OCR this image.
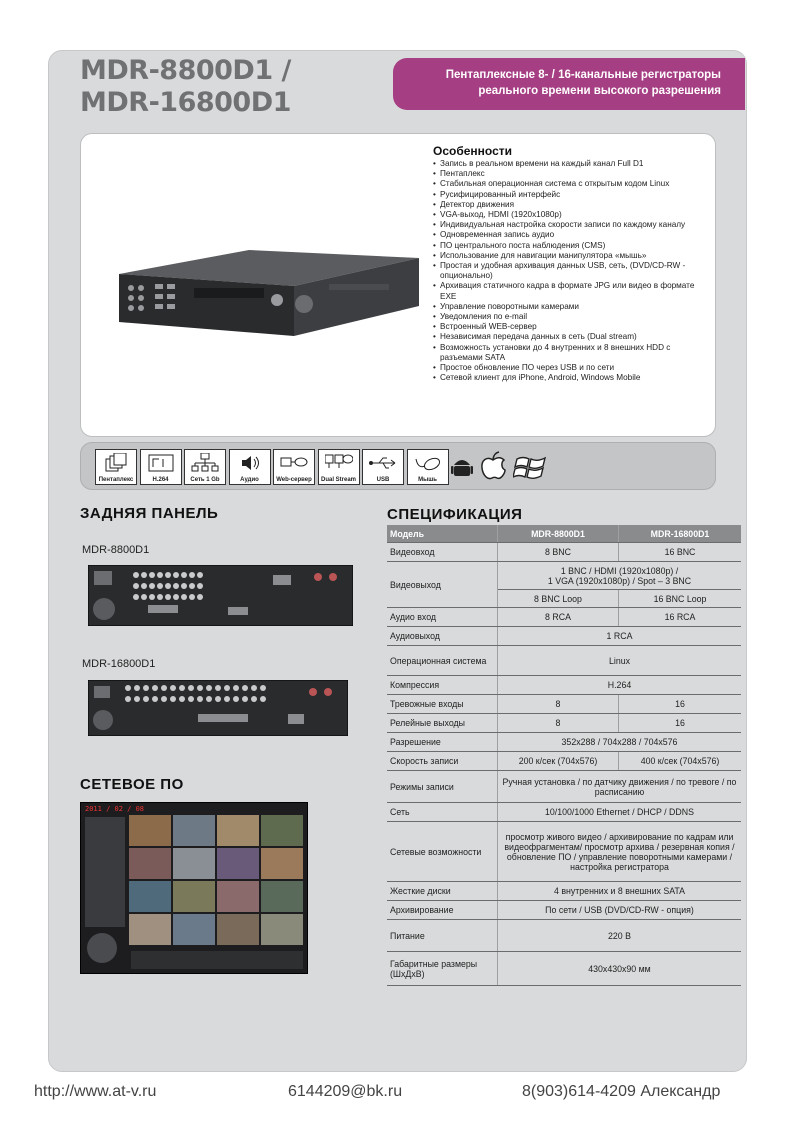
MDR-8800D1 /
MDR-16800D1
Пентаплексные 8- / 16-канальные регистраторы
реального времени высокого разрешения
Особенности
• Запись в реальном времени на каждый канал Full D1
• Пентаплекс
• Стабильная операционная система с открытым кодом Linux
• Русифицированный интерфейс
• Детектор движения
• VGA-выход, HDMI (1920x1080p)
• Индивидуальная настройка скорости записи по каждому каналу
• Одновременная запись аудио
• ПО центрального поста наблюдения (CMS)
• Использование для навигации манипулятора «мышь»
• Простая и удобная архивация данных USB, сеть, (DVD/CD-RW - опционально)
• Архивация статичного кадра в формате JPG или видео в формате EXE
• Управление поворотными камерами
• Уведомления по e-mail
• Встроенный WEB-сервер
• Независимая передача данных в сеть (Dual stream)
• Возможность установки до 4 внутренних и 8 внешних HDD с разъемами SATA
• Простое обновление ПО через USB и по сети
• Сетевой клиент для iPhone, Android, Windows Mobile
Пентаплекс	H.264	Сеть 1 Gb	Аудио	Web-сервер	Dual Stream	USB	Мышь
ЗАДНЯЯ ПАНЕЛЬ
MDR-8800D1
MDR-16800D1
СЕТЕВОЕ ПО
2011 / 02 / 08
СПЕЦИФИКАЦИЯ
Модель	MDR-8800D1	MDR-16800D1
Видеовход	8 BNC	16 BNC
Видеовыход	1 BNC / HDMI (1920x1080p) /
1 VGA (1920x1080p) / Spot – 3 BNC	

	8 BNC Loop	16 BNC Loop
Аудио вход	8 RCA	16 RCA
Аудиовыход	1 RCA	
Операционная система	Linux	
Компрессия	H.264	
Тревожные входы	8	16
Релейные выходы	8	16
Разрешение	352x288 / 704x288 / 704x576	
Скорость записи	200 к/сек (704x576)	400 к/сек (704x576)
Режимы записи	Ручная установка / по датчику движения / по тревоге / по расписанию	
Сеть	10/100/1000 Ethernet / DHCP / DDNS	
Сетевые возможности	просмотр живого видео / архивирование по кадрам или видеофрагментам/ просмотр архива / резервная копия / обновление ПО / управление поворотными камерами / настройка регистратора	
Жесткие диски	4 внутренних и 8 внешних SATA	
Архивирование	По сети / USB (DVD/CD-RW - опция)	
Питание	220 В	
Габаритные размеры (ШхДхВ)	430x430x90 мм	
http://www.at-v.ru	6144209@bk.ru	8(903)614-4209 Александр
